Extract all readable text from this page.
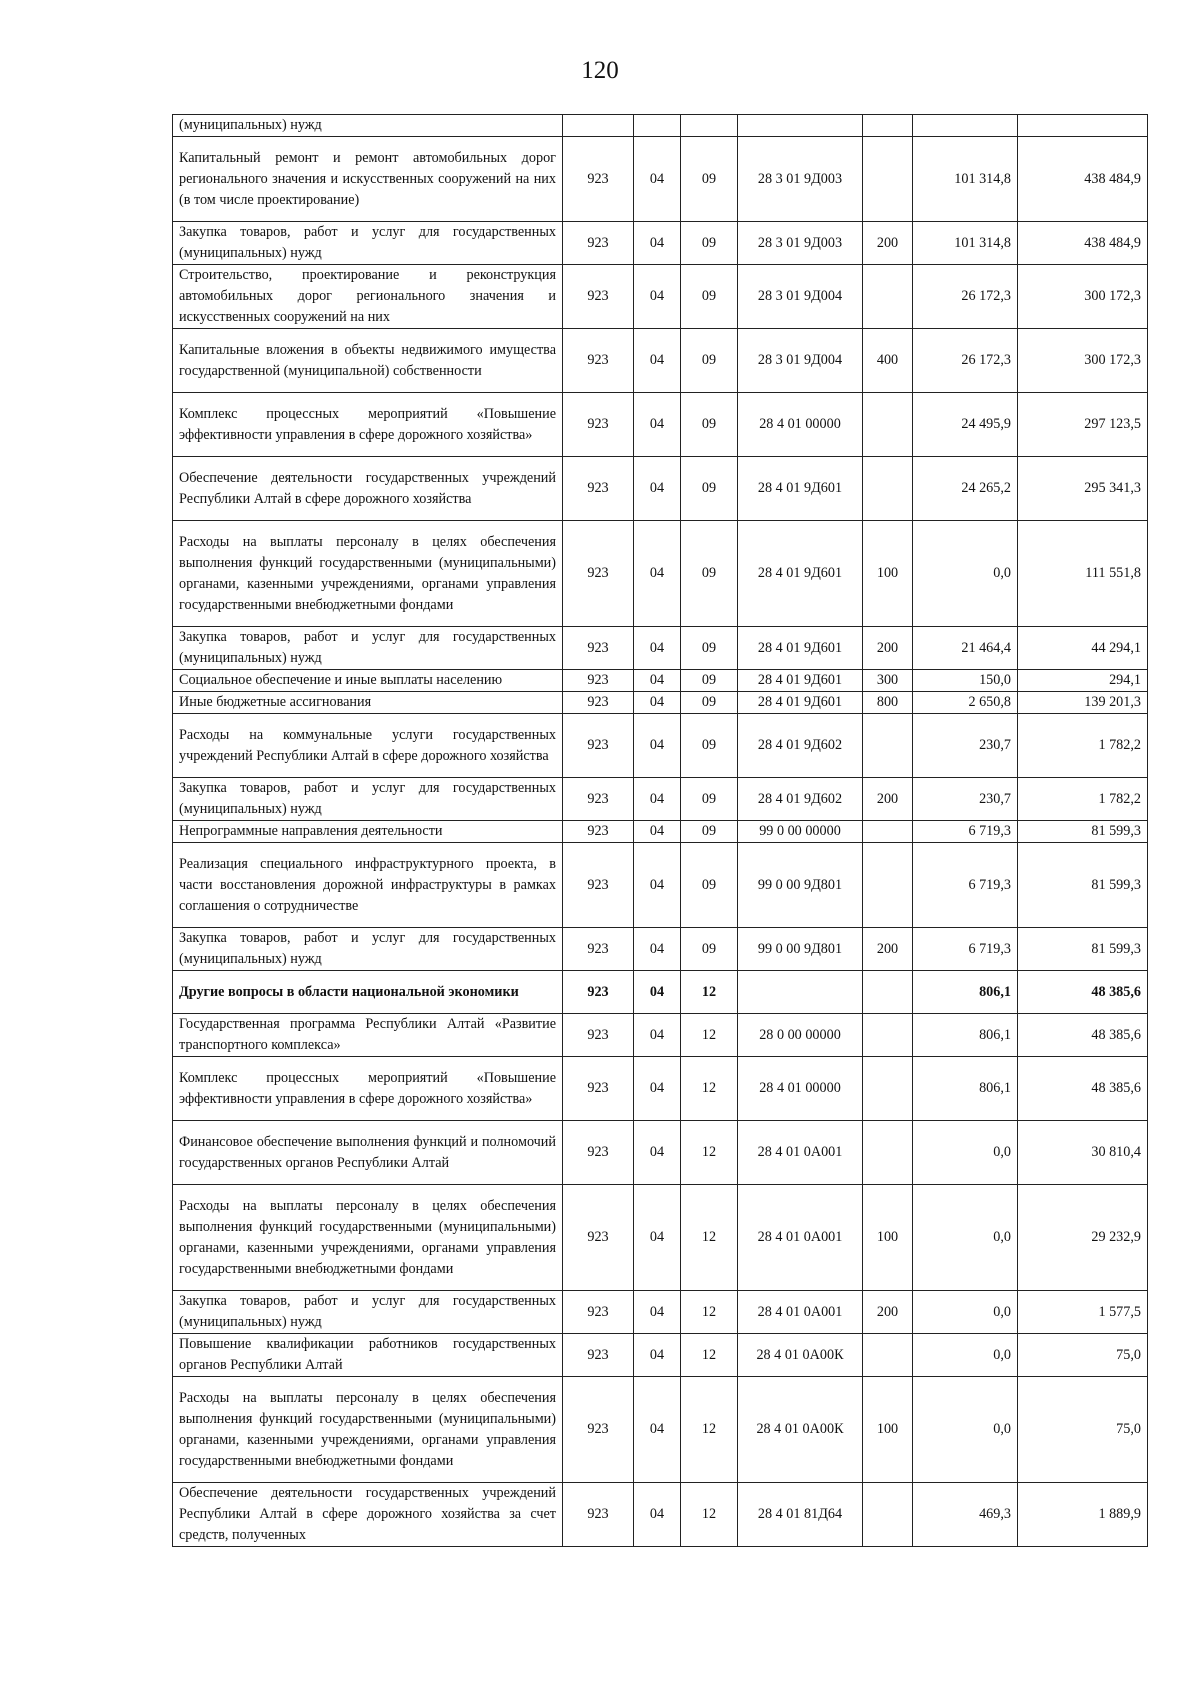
120
(муниципальных) нужд							
Капитальный ремонт и ремонт автомобильных дорог регионального значения и искусственных сооружений на них (в том числе проектирование)	923	04	09	28 3 01 9Д003		101 314,8	438 484,9
Закупка товаров, работ и услуг для государственных (муниципальных) нужд	923	04	09	28 3 01 9Д003	200	101 314,8	438 484,9
Строительство, проектирование и реконструкция автомобильных дорог регионального значения и искусственных сооружений на них	923	04	09	28 3 01 9Д004		26 172,3	300 172,3
Капитальные вложения в объекты недвижимого имущества государственной (муниципальной) собственности	923	04	09	28 3 01 9Д004	400	26 172,3	300 172,3
Комплекс процессных мероприятий «Повышение эффективности управления в сфере дорожного хозяйства»	923	04	09	28 4 01 00000		24 495,9	297 123,5
Обеспечение деятельности государственных учреждений Республики Алтай в сфере дорожного хозяйства	923	04	09	28 4 01 9Д601		24 265,2	295 341,3
Расходы на выплаты персоналу в целях обеспечения выполнения функций государственными (муниципальными) органами, казенными учреждениями, органами управления государственными внебюджетными фондами	923	04	09	28 4 01 9Д601	100	0,0	111 551,8
Закупка товаров, работ и услуг для государственных (муниципальных) нужд	923	04	09	28 4 01 9Д601	200	21 464,4	44 294,1
Социальное обеспечение и иные выплаты населению	923	04	09	28 4 01 9Д601	300	150,0	294,1
Иные бюджетные ассигнования	923	04	09	28 4 01 9Д601	800	2 650,8	139 201,3
Расходы на коммунальные услуги государственных учреждений Республики Алтай в сфере дорожного хозяйства	923	04	09	28 4 01 9Д602		230,7	1 782,2
Закупка товаров, работ и услуг для государственных (муниципальных) нужд	923	04	09	28 4 01 9Д602	200	230,7	1 782,2
Непрограммные направления деятельности	923	04	09	99 0 00 00000		6 719,3	81 599,3
Реализация специального инфраструктурного проекта, в части восстановления дорожной инфраструктуры в рамках соглашения о сотрудничестве	923	04	09	99 0 00 9Д801		6 719,3	81 599,3
Закупка товаров, работ и услуг для государственных (муниципальных) нужд	923	04	09	99 0 00 9Д801	200	6 719,3	81 599,3
Другие вопросы в области национальной экономики	923	04	12			806,1	48 385,6
Государственная программа Республики Алтай «Развитие транспортного комплекса»	923	04	12	28 0 00 00000		806,1	48 385,6
Комплекс процессных мероприятий «Повышение эффективности управления в сфере дорожного хозяйства»	923	04	12	28 4 01 00000		806,1	48 385,6
Финансовое обеспечение выполнения функций и полномочий государственных органов Республики Алтай	923	04	12	28 4 01 0А001		0,0	30 810,4
Расходы на выплаты персоналу в целях обеспечения выполнения функций государственными (муниципальными) органами, казенными учреждениями, органами управления государственными внебюджетными фондами	923	04	12	28 4 01 0А001	100	0,0	29 232,9
Закупка товаров, работ и услуг для государственных (муниципальных) нужд	923	04	12	28 4 01 0А001	200	0,0	1 577,5
Повышение квалификации работников государственных органов Республики Алтай	923	04	12	28 4 01 0А00К		0,0	75,0
Расходы на выплаты персоналу в целях обеспечения выполнения функций государственными (муниципальными) органами, казенными учреждениями, органами управления государственными внебюджетными фондами	923	04	12	28 4 01 0А00К	100	0,0	75,0
Обеспечение деятельности государственных учреждений Республики Алтай в сфере дорожного хозяйства за счет средств, полученных	923	04	12	28 4 01 81Д64		469,3	1 889,9
